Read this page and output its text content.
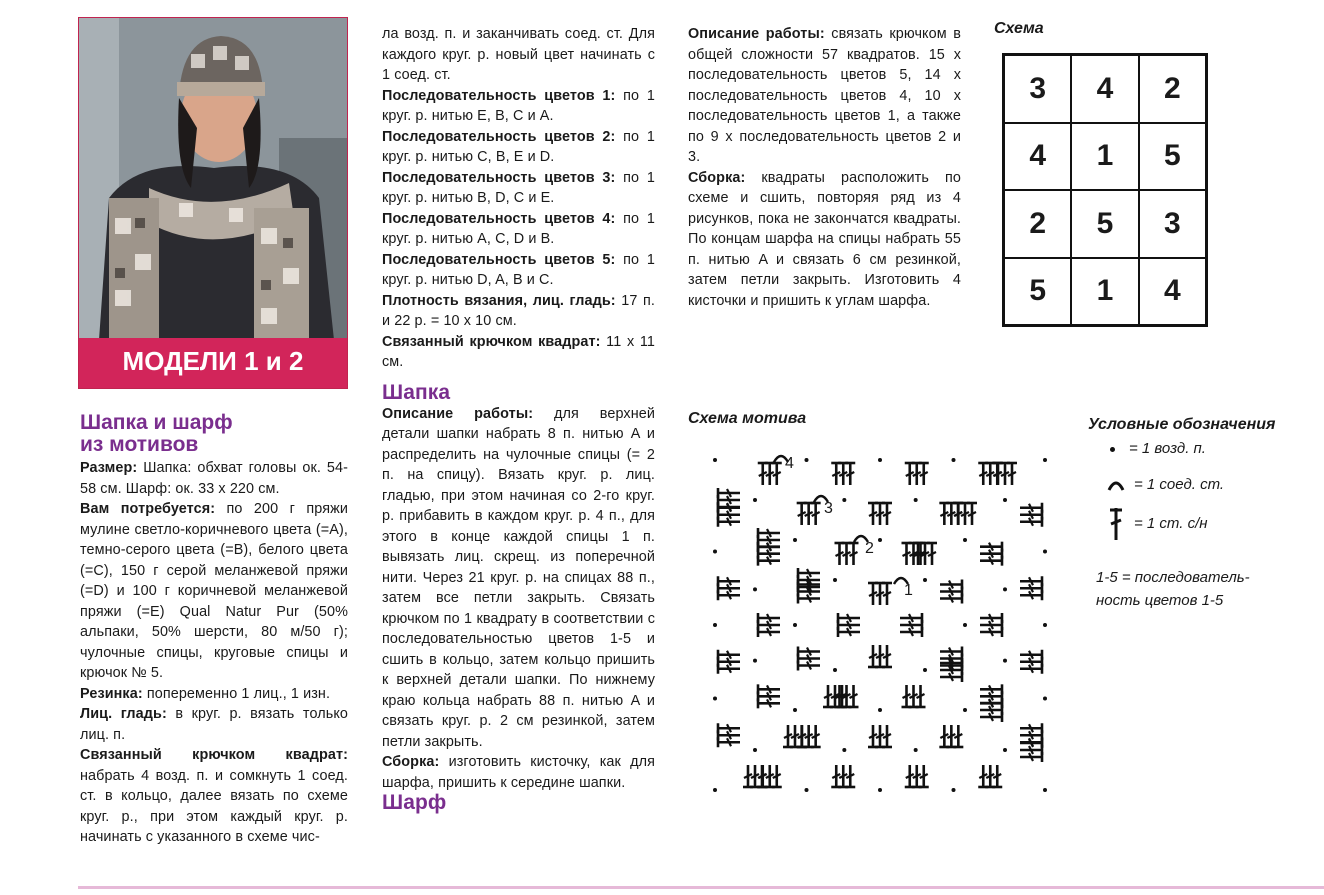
МОДЕЛИ 1 и 2
Шапка и шарф
из мотивов

Размер: Шапка: обхват головы ок. 54-58 см. Шарф: ок. 33 x 220 см.

Вам потребуется: по 200 г пряжи мулине светло-коричневого цвета (=A), темно-серого цвета (=B), белого цвета (=C), 150 г серой меланжевой пряжи (=D) и 100 г коричневой меланжевой пряжи (=E) Qual Natur Pur (50% альпаки, 50% шерсти, 80 м/50 г); чулочные спицы, круговые спицы и крючок № 5.

Резинка: попеременно 1 лиц., 1 изн.

Лиц. гладь: в круг. р. вязать только лиц. п.

Связанный крючком квадрат: набрать 4 возд. п. и сомкнуть 1 соед. ст. в кольцо, далее вязать по схеме круг. р., при этом каждый круг. р. начинать с указанного в схеме чис-

ла возд. п. и заканчивать соед. ст. Для каждого круг. р. новый цвет начинать с 1 соед. ст.

Последовательность цветов 1: по 1 круг. р. нитью E, B, C и A.

Последовательность цветов 2: по 1 круг. р. нитью C, B, E и D.

Последовательность цветов 3: по 1 круг. р. нитью B, D, C и E.

Последовательность цветов 4: по 1 круг. р. нитью A, C, D и B.

Последовательность цветов 5: по 1 круг. р. нитью D, A, B и C.

Плотность вязания, лиц. гладь: 17 п. и 22 р. = 10 x 10 см.

Связанный крючком квадрат: 11 x 11 см.

Шапка

Описание работы: для верхней детали шапки набрать 8 п. нитью A и распределить на чулочные спицы (= 2 п. на спицу). Вязать круг. р. лиц. гладью, при этом начиная со 2-го круг. р. прибавить в каждом круг. р. 4 п., для этого в конце каждой спицы 1 п. вывязать лиц. скрещ. из поперечной нити. Через 21 круг. р. на спицах 88 п., затем все петли закрыть. Связать крючком по 1 квадрату в соответствии с последовательностью цветов 1-5 и сшить в кольцо, затем кольцо пришить к верхней детали шапки. По нижнему краю кольца набрать 88 п. нитью A и связать круг. р. 2 см резинкой, затем петли закрыть.

Сборка: изготовить кисточку, как для шарфа, пришить к середине шапки.

Шарф

Описание работы: связать крючком в общей сложности 57 квадратов. 15 x последовательность цветов 5, 14 x последовательность цветов 4, 10 x последовательность цветов 1, а также по 9 x последовательность цветов 2 и 3.

Сборка: квадраты расположить по схеме и сшить, повторяя ряд из 4 рисунков, пока не закончатся квадраты. По концам шарфа на спицы набрать 55 п. нитью A и связать 6 см резинкой, затем петли закрыть. Изготовить 4 кисточки и пришить к углам шарфа.

Схема
3	4	2
4	1	5
2	5	3
5	1	4
Схема мотива
4
3
2
1
Условные обозначения
= 1 возд. п.
= 1 соед. ст.
= 1 ст. с/н
1-5 = последователь-
ность цветов 1-5
